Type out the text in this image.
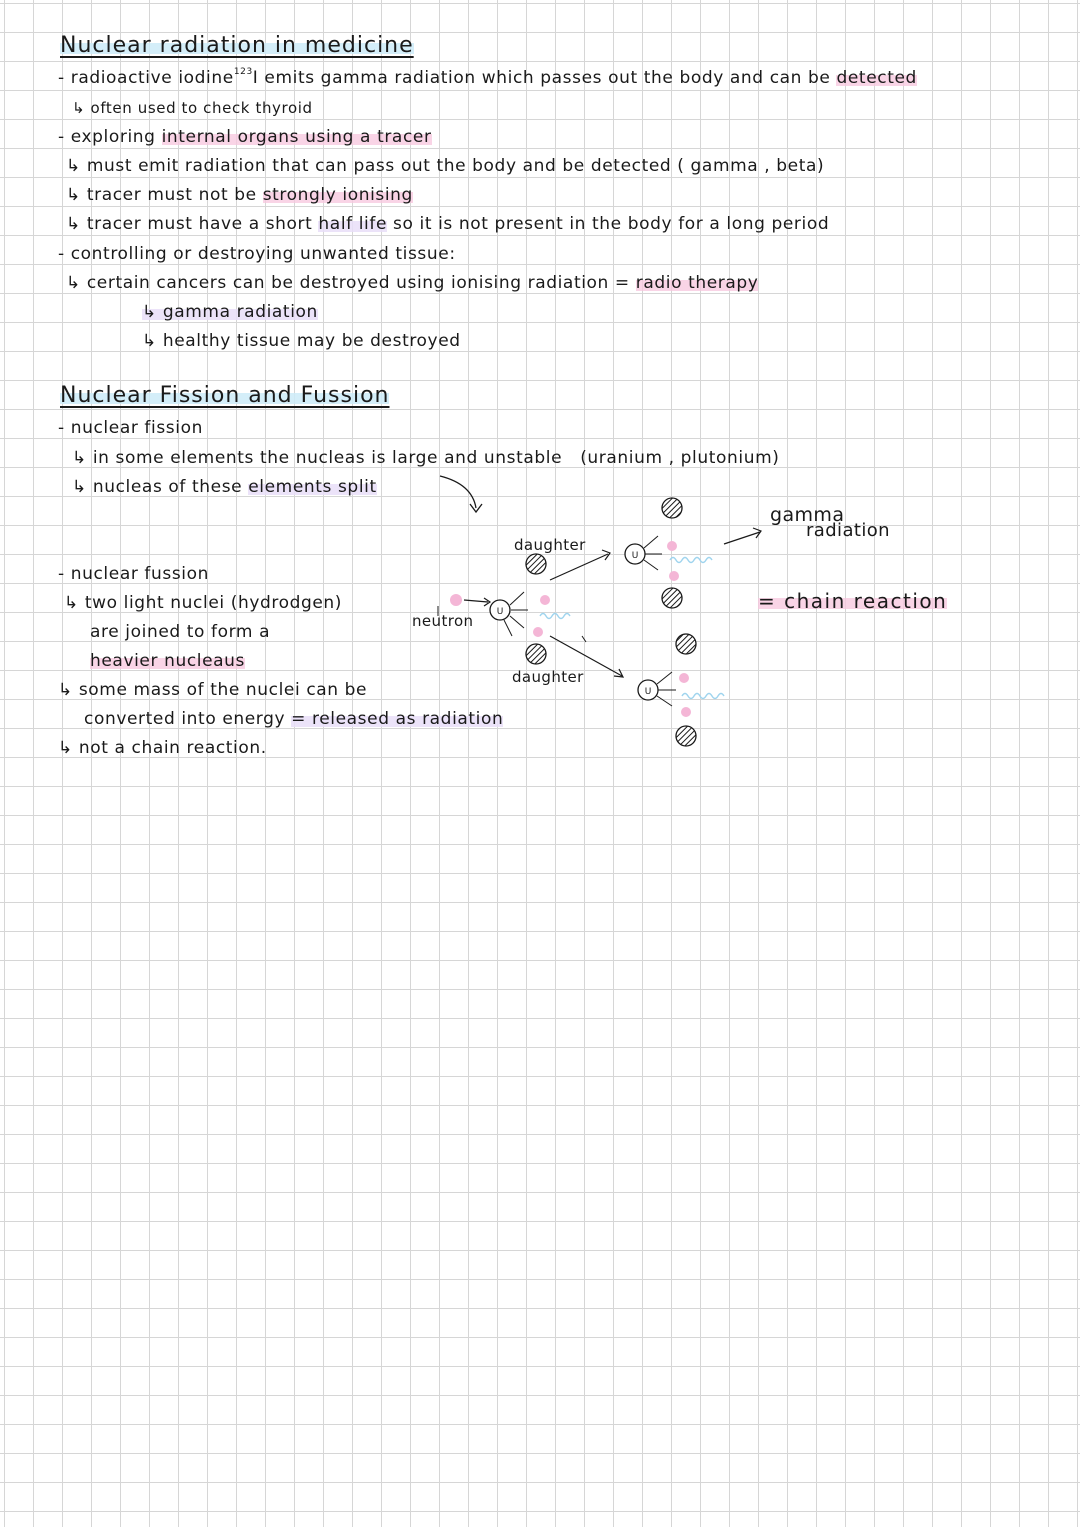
Nuclear radiation in medicine
- radioactive iodine$^{123}$I emits gamma radiation which passes out the body and can be detected
↳ often used to check thyroid
- exploring internal organs using a tracer
↳ must emit radiation that can pass out the body and be detected ( gamma , beta)
↳ tracer must not be strongly ionising
↳ tracer must have a short half life so it is not present in the body for a long period
- controlling or destroying unwanted tissue:
↳ certain cancers can be destroyed using ionising radiation = radio therapy
↳ gamma radiation
↳ healthy tissue may be destroyed
Nuclear Fission and Fussion
- nuclear fission
↳ in some elements the nucleas is large and unstable (uranium , plutonium)
↳ nucleas of these elements split
- nuclear fussion
↳ two light nuclei (hydrodgen)
are joined to form a
heavier nucleaus
↳ some mass of the nuclei can be
converted into energy = released as radiation
↳ not a chain reaction.
U
U
U
neutron
daughter
daughter
gamma
radiation
= chain reaction
